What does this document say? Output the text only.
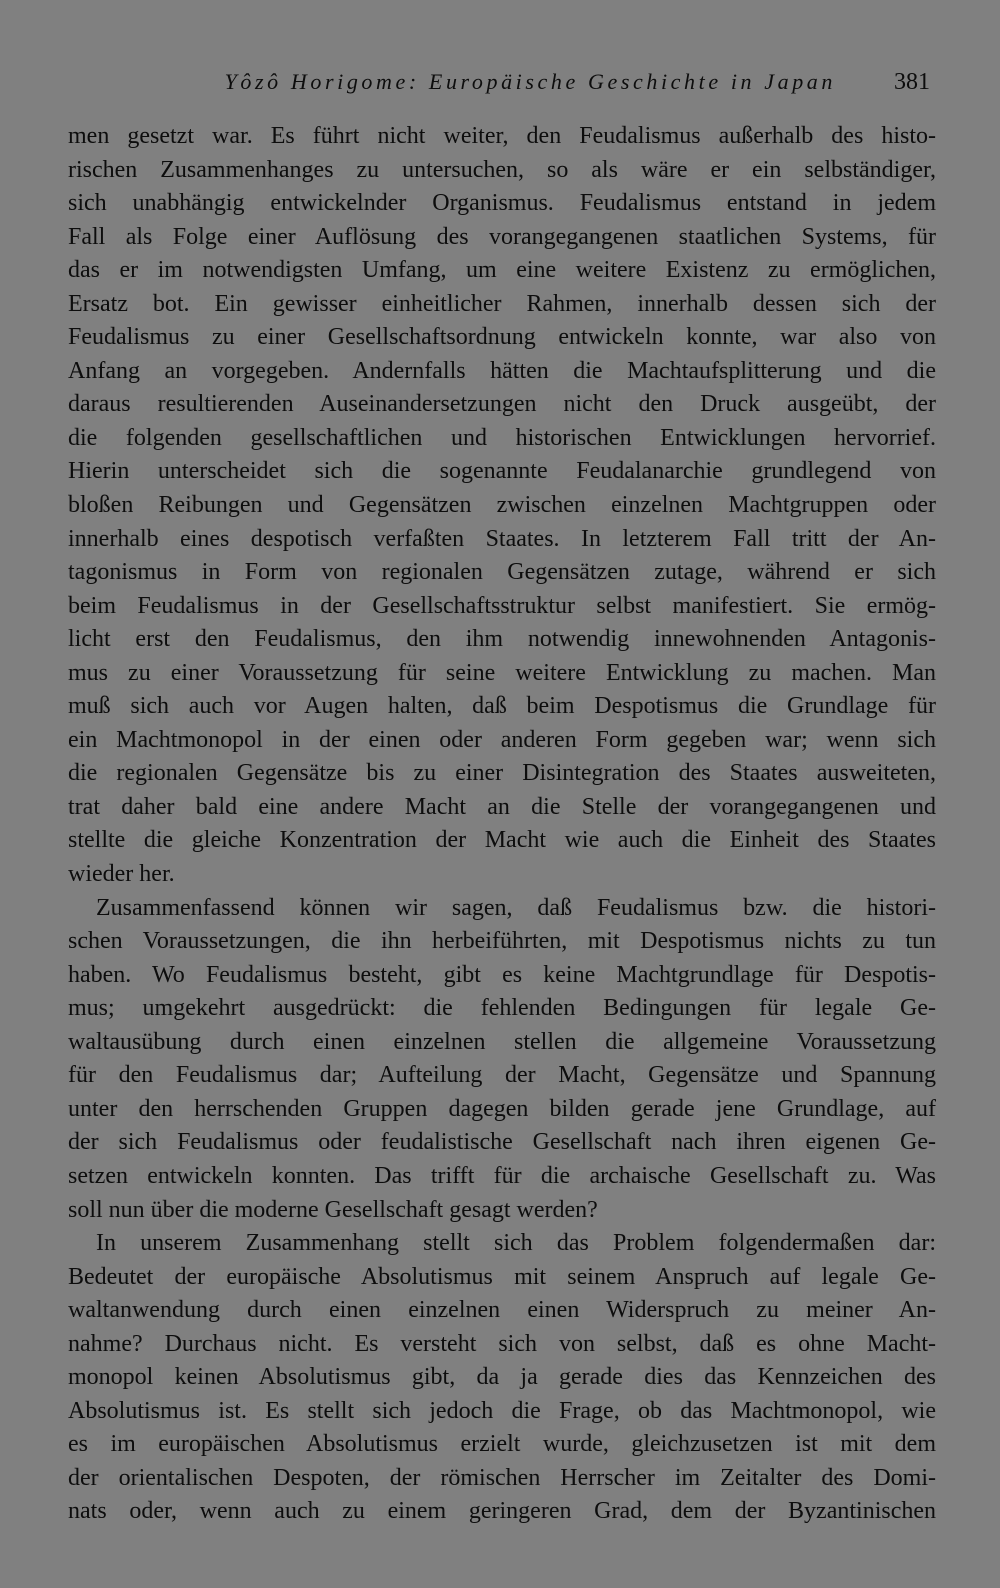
Yôzô Horigome: Europäische Geschichte in Japan 381
men gesetzt war. Es führt nicht weiter, den Feudalismus außerhalb des histo-
rischen Zusammenhanges zu untersuchen, so als wäre er ein selbständiger,
sich unabhängig entwickelnder Organismus. Feudalismus entstand in jedem
Fall als Folge einer Auflösung des vorangegangenen staatlichen Systems, für
das er im notwendigsten Umfang, um eine weitere Existenz zu ermöglichen,
Ersatz bot. Ein gewisser einheitlicher Rahmen, innerhalb dessen sich der
Feudalismus zu einer Gesellschaftsordnung entwickeln konnte, war also von
Anfang an vorgegeben. Andernfalls hätten die Machtaufsplitterung und die
daraus resultierenden Auseinandersetzungen nicht den Druck ausgeübt, der
die folgenden gesellschaftlichen und historischen Entwicklungen hervorrief.
Hierin unterscheidet sich die sogenannte Feudalanarchie grundlegend von
bloßen Reibungen und Gegensätzen zwischen einzelnen Machtgruppen oder
innerhalb eines despotisch verfaßten Staates. In letzterem Fall tritt der An-
tagonismus in Form von regionalen Gegensätzen zutage, während er sich
beim Feudalismus in der Gesellschaftsstruktur selbst manifestiert. Sie ermög-
licht erst den Feudalismus, den ihm notwendig innewohnenden Antagonis-
mus zu einer Voraussetzung für seine weitere Entwicklung zu machen. Man
muß sich auch vor Augen halten, daß beim Despotismus die Grundlage für
ein Machtmonopol in der einen oder anderen Form gegeben war; wenn sich
die regionalen Gegensätze bis zu einer Disintegration des Staates ausweiteten,
trat daher bald eine andere Macht an die Stelle der vorangegangenen und
stellte die gleiche Konzentration der Macht wie auch die Einheit des Staates
wieder her.
Zusammenfassend können wir sagen, daß Feudalismus bzw. die histori-
schen Voraussetzungen, die ihn herbeiführten, mit Despotismus nichts zu tun
haben. Wo Feudalismus besteht, gibt es keine Machtgrundlage für Despotis-
mus; umgekehrt ausgedrückt: die fehlenden Bedingungen für legale Ge-
waltausübung durch einen einzelnen stellen die allgemeine Voraussetzung
für den Feudalismus dar; Aufteilung der Macht, Gegensätze und Spannung
unter den herrschenden Gruppen dagegen bilden gerade jene Grundlage, auf
der sich Feudalismus oder feudalistische Gesellschaft nach ihren eigenen Ge-
setzen entwickeln konnten. Das trifft für die archaische Gesellschaft zu. Was
soll nun über die moderne Gesellschaft gesagt werden?
In unserem Zusammenhang stellt sich das Problem folgendermaßen dar:
Bedeutet der europäische Absolutismus mit seinem Anspruch auf legale Ge-
waltanwendung durch einen einzelnen einen Widerspruch zu meiner An-
nahme? Durchaus nicht. Es versteht sich von selbst, daß es ohne Macht-
monopol keinen Absolutismus gibt, da ja gerade dies das Kennzeichen des
Absolutismus ist. Es stellt sich jedoch die Frage, ob das Machtmonopol, wie
es im europäischen Absolutismus erzielt wurde, gleichzusetzen ist mit dem
der orientalischen Despoten, der römischen Herrscher im Zeitalter des Domi-
nats oder, wenn auch zu einem geringeren Grad, dem der Byzantinischen
